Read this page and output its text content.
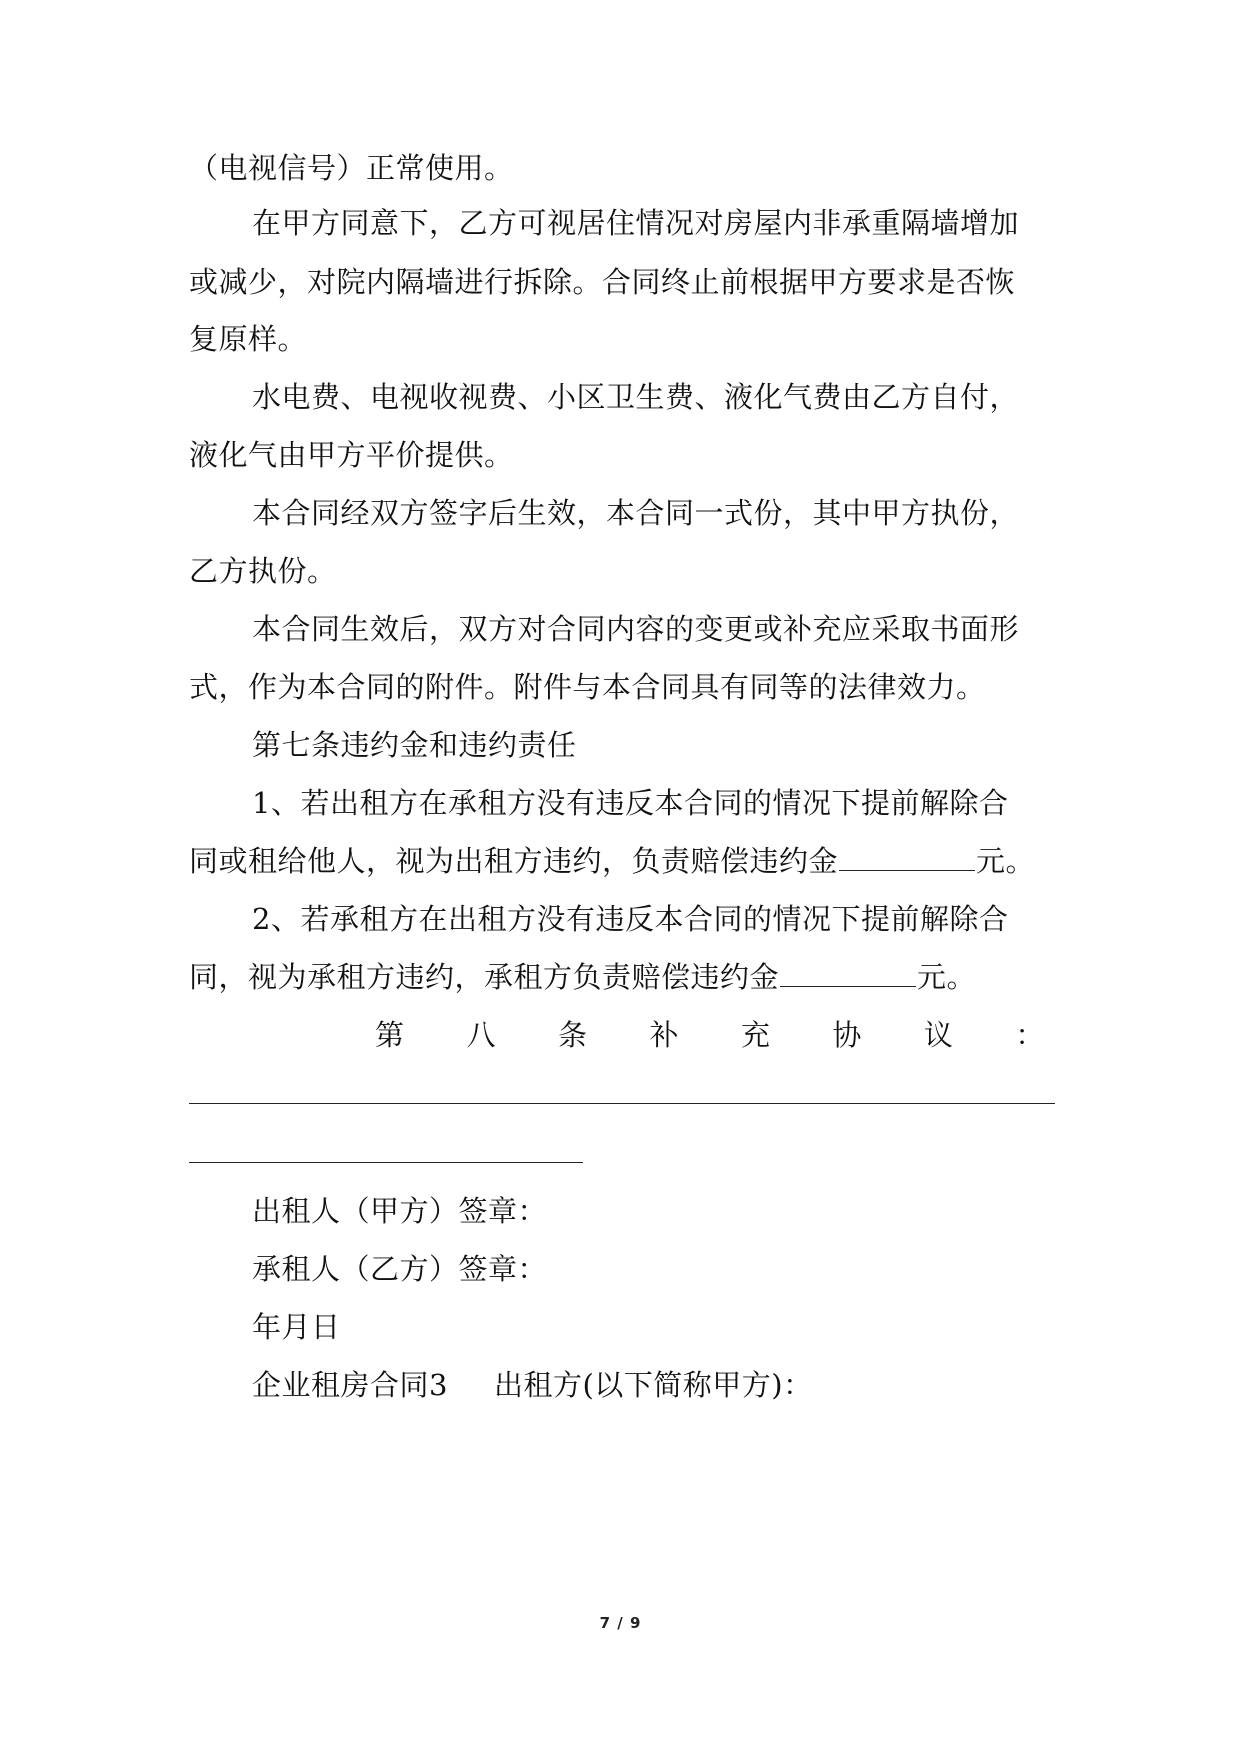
（电视信号）正常使用。
在甲方同意下，乙方可视居住情况对房屋内非承重隔墙增加
或减少，对院内隔墙进行拆除。合同终止前根据甲方要求是否恢
复原样。
水电费、电视收视费、小区卫生费、液化气费由乙方自付，
液化气由甲方平价提供。
本合同经双方签字后生效，本合同一式份，其中甲方执份，
乙方执份。
本合同生效后，双方对合同内容的变更或补充应采取书面形
式，作为本合同的附件。附件与本合同具有同等的法律效力。
第七条违约金和违约责任
1、若出租方在承租方没有违反本合同的情况下提前解除合
同或租给他人，视为出租方违约，负责赔偿违约金	元。
2、若承租方在出租方没有违反本合同的情况下提前解除合
同，视为承租方违约，承租方负责赔偿违约金	元。
第 八 条 补 充 协 议 ：
出租人（甲方）签章：
承租人（乙方）签章：
年月日
企业租房合同3 出租方(以下简称甲方)：
7 / 9
